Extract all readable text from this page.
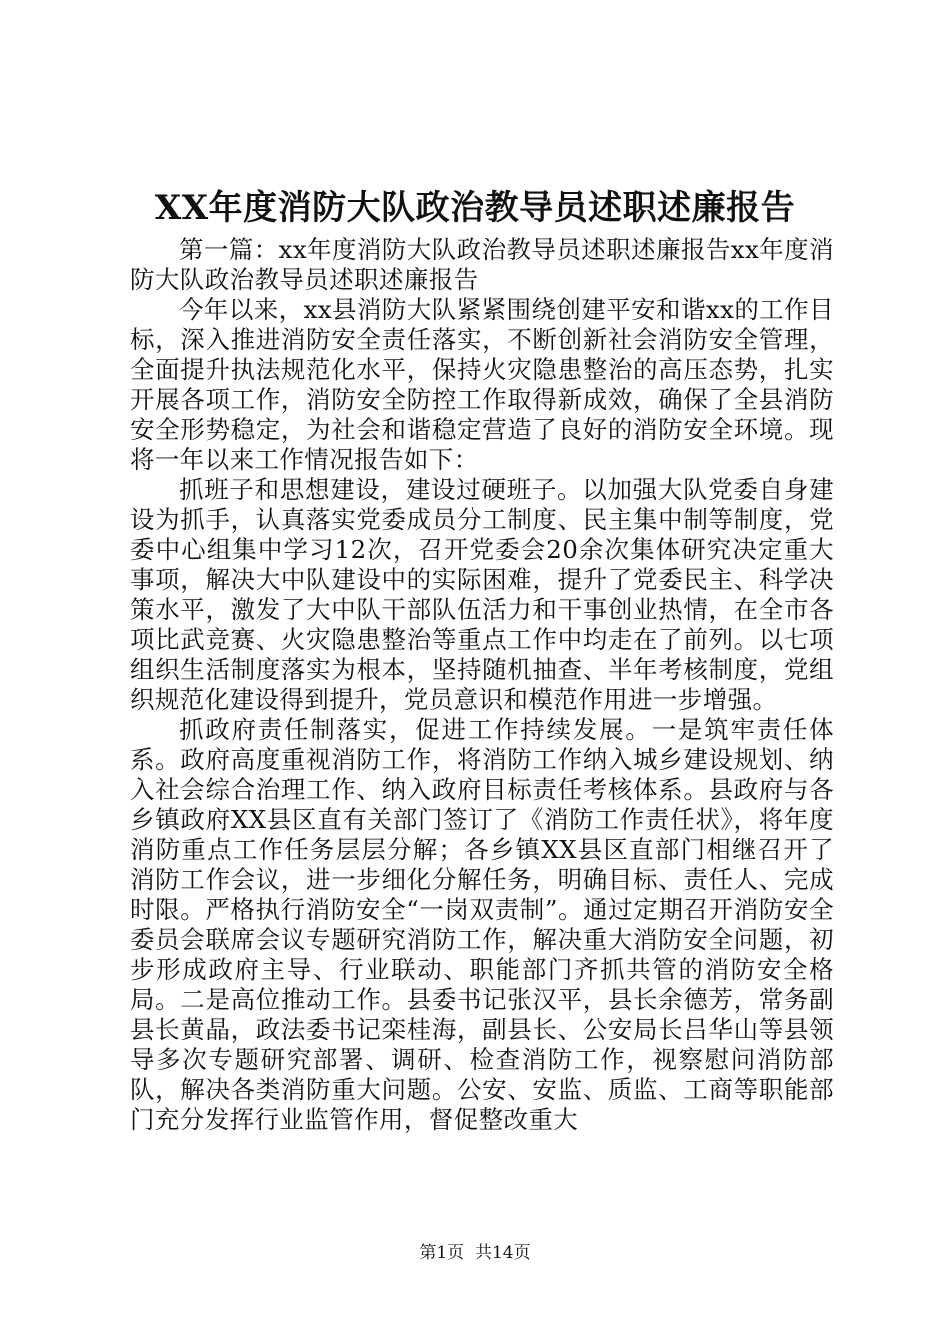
XX年度消防大队政治教导员述职述廉报告

第一篇：xx年度消防大队政治教导员述职述廉报告xx年度消防大队政治教导员述职述廉报告

今年以来，xx县消防大队紧紧围绕创建平安和谐xx的工作目标，深入推进消防安全责任落实，不断创新社会消防安全管理，全面提升执法规范化水平，保持火灾隐患整治的高压态势，扎实开展各项工作，消防安全防控工作取得新成效，确保了全县消防安全形势稳定，为社会和谐稳定营造了良好的消防安全环境。现将一年以来工作情况报告如下：

抓班子和思想建设，建设过硬班子。以加强大队党委自身建设为抓手，认真落实党委成员分工制度、民主集中制等制度，党委中心组集中学习12次，召开党委会20余次集体研究决定重大事项，解决大中队建设中的实际困难，提升了党委民主、科学决策水平，激发了大中队干部队伍活力和干事创业热情，在全市各项比武竞赛、火灾隐患整治等重点工作中均走在了前列。以七项组织生活制度落实为根本，坚持随机抽查、半年考核制度，党组织规范化建设得到提升，党员意识和模范作用进一步增强。

抓政府责任制落实，促进工作持续发展。一是筑牢责任体系。政府高度重视消防工作，将消防工作纳入城乡建设规划、纳入社会综合治理工作、纳入政府目标责任考核体系。县政府与各乡镇政府XX县区直有关部门签订了《消防工作责任状》，将年度消防重点工作任务层层分解；各乡镇XX县区直部门相继召开了消防工作会议，进一步细化分解任务，明确目标、责任人、完成时限。严格执行消防安全“一岗双责制”。通过定期召开消防安全委员会联席会议专题研究消防工作，解决重大消防安全问题，初步形成政府主导、行业联动、职能部门齐抓共管的消防安全格局。二是高位推动工作。县委书记张汉平，县长余德芳，常务副县长黄晶，政法委书记栾桂海，副县长、公安局长吕华山等县领导多次专题研究部署、调研、检查消防工作，视察慰问消防部队，解决各类消防重大问题。公安、安监、质监、工商等职能部门充分发挥行业监管作用，督促整改重大

第1页  共14页
